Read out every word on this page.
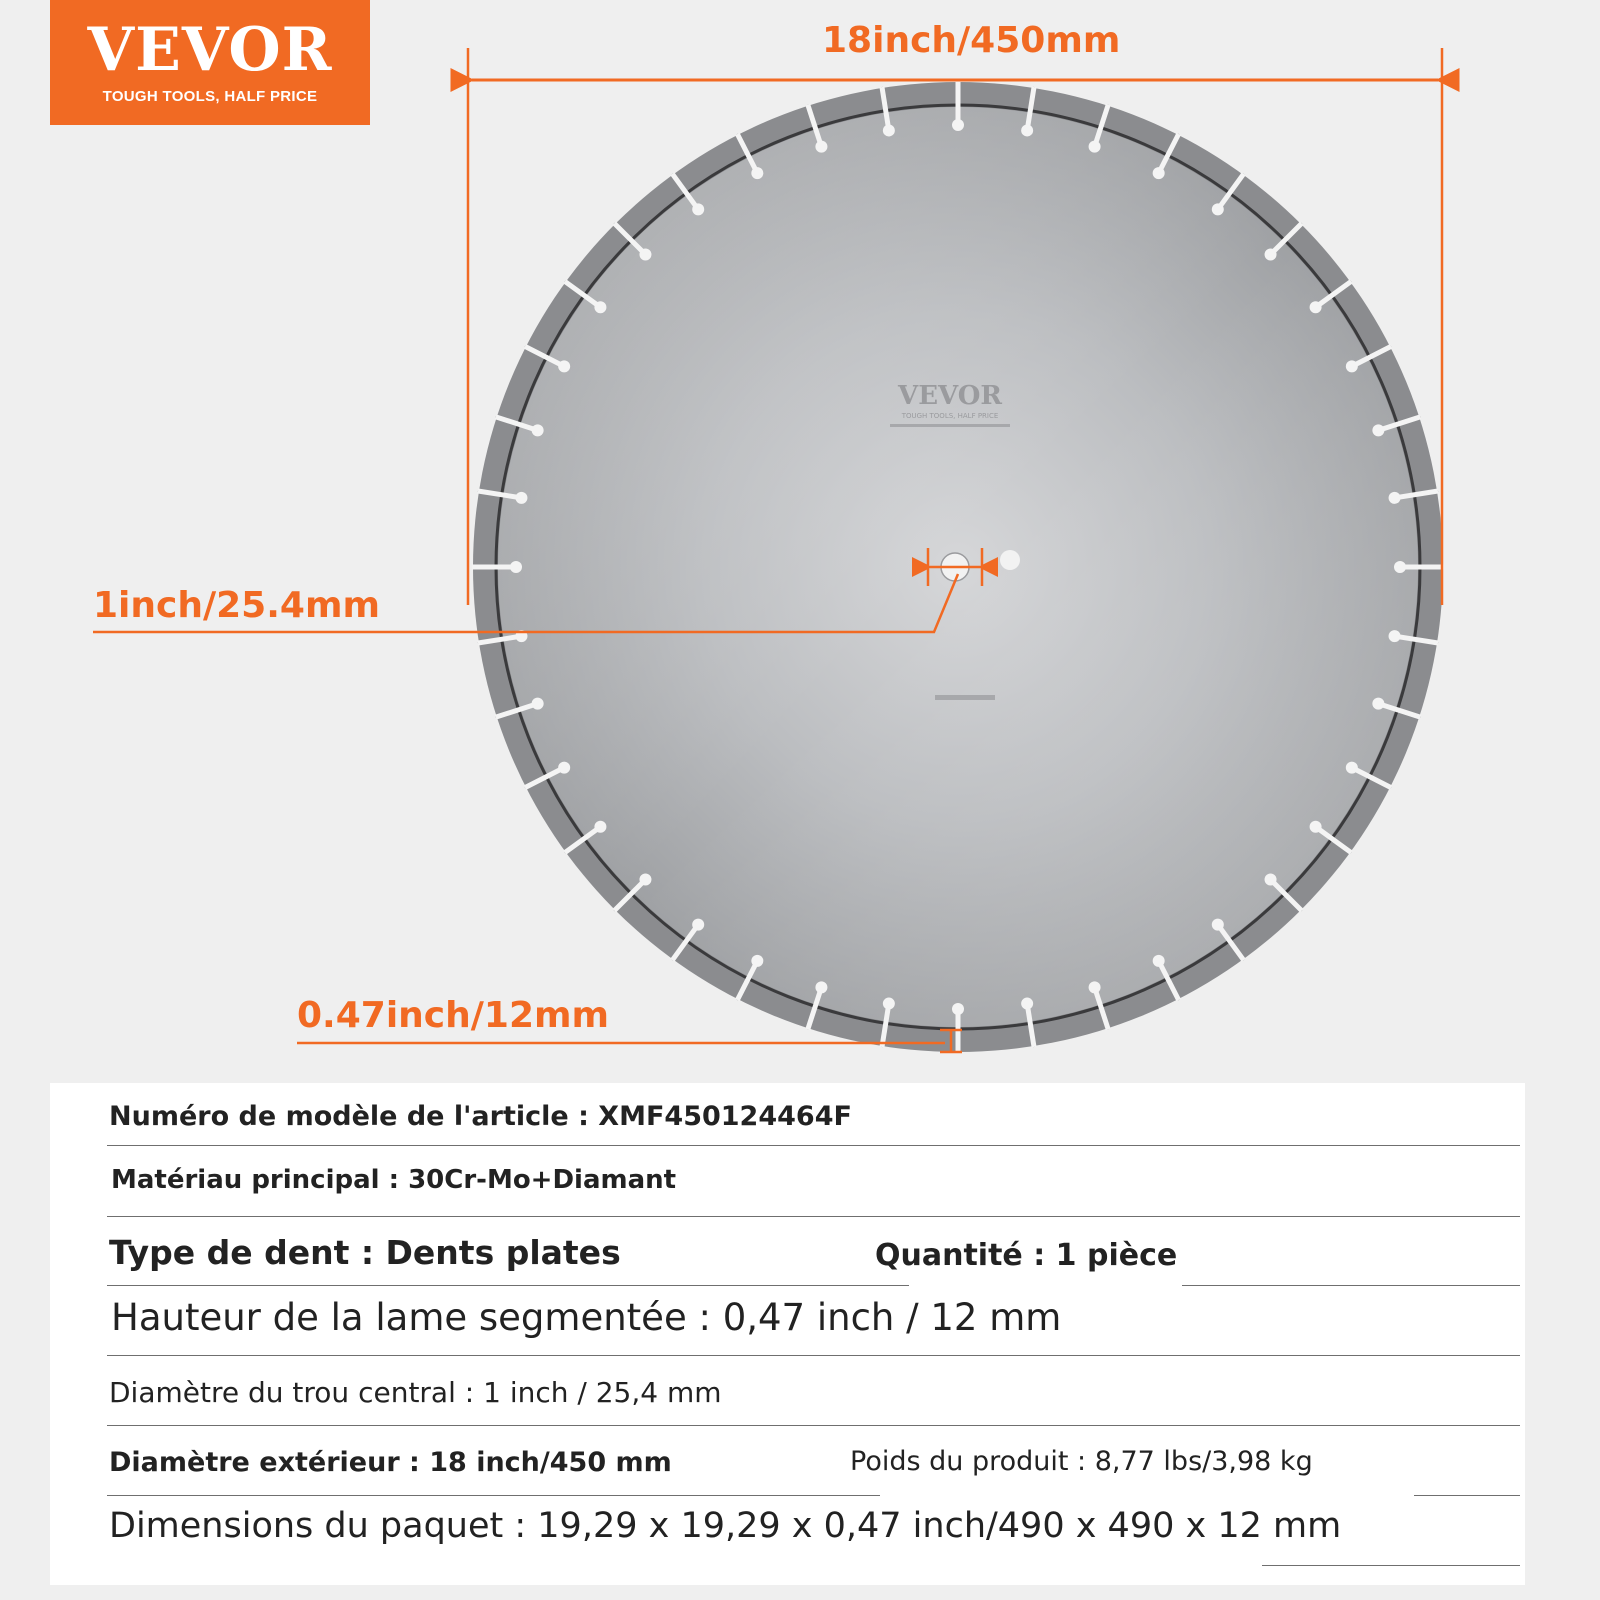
VEVOR
TOUGH TOOLS, HALF PRICE
VEVOR
TOUGH TOOLS, HALF PRICE
18inch/450mm
1inch/25.4mm
0.47inch/12mm
Numéro de modèle de l'article : XMF450124464F
Matériau principal : 30Cr-Mo+Diamant
Type de dent : Dents plates	Quantité : 1 pièce
Hauteur de la lame segmentée : 0,47 inch / 12 mm
Diamètre du trou central : 1 inch / 25,4 mm
Diamètre extérieur : 18 inch/450 mm	Poids du produit : 8,77 lbs/3,98 kg
Dimensions du paquet : 19,29 x 19,29 x 0,47 inch/490 x 490 x 12 mm
